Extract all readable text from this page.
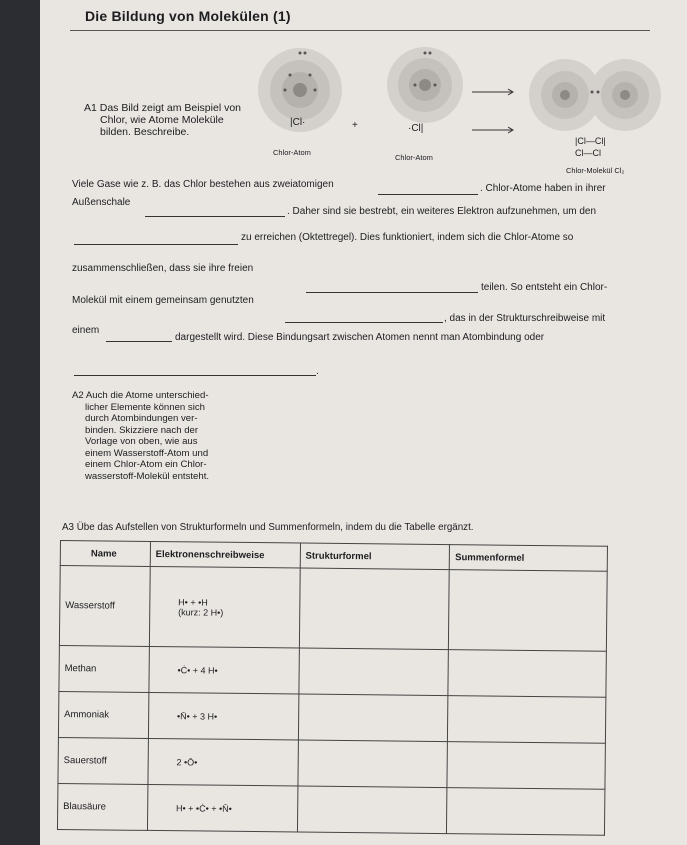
Die Bildung von Molekülen (1)
A1 Das Bild zeigt am Beispiel von
Chlor, wie Atome Moleküle
bilden. Beschreibe.
|Cl·	+	·Cl|
|Cl—Cl|
Cl—Cl
Chlor-Atom
Chlor-Atom
Chlor-Molekül Cl₂
Viele Gase wie z. B. das Chlor bestehen aus zweiatomigen	. Chlor-Atome haben in ihrer
Außenschale
. Daher sind sie bestrebt, ein weiteres Elektron aufzunehmen, um den
zu erreichen (Oktettregel). Dies funktioniert, indem sich die Chlor-Atome so
zusammenschließen, dass sie ihre freien
teilen. So entsteht ein Chlor-
Molekül mit einem gemeinsam genutzten
, das in der Strukturschreibweise mit
einem
dargestellt wird. Diese Bindungsart zwischen Atomen nennt man Atombindung oder
.
A2 Auch die Atome unterschied-
licher Elemente können sich
durch Atombindungen ver-
binden. Skizziere nach der
Vorlage von oben, wie aus
einem Wasserstoff-Atom und
einem Chlor-Atom ein Chlor-
wasserstoff-Molekül entsteht.
A3 Übe das Aufstellen von Strukturformeln und Summenformeln, indem du die Tabelle ergänzt.
Name	Elektronenschreibweise	Strukturformel	Summenformel
Wasserstoff	H• + •H
(kurz: 2 H•)		

Methan	•Ċ• + 4 H•		
Ammoniak	•N̄• + 3 H•		
Sauerstoff	2 •Ō•		
Blausäure	H• + •Ċ• + •N̄•		
